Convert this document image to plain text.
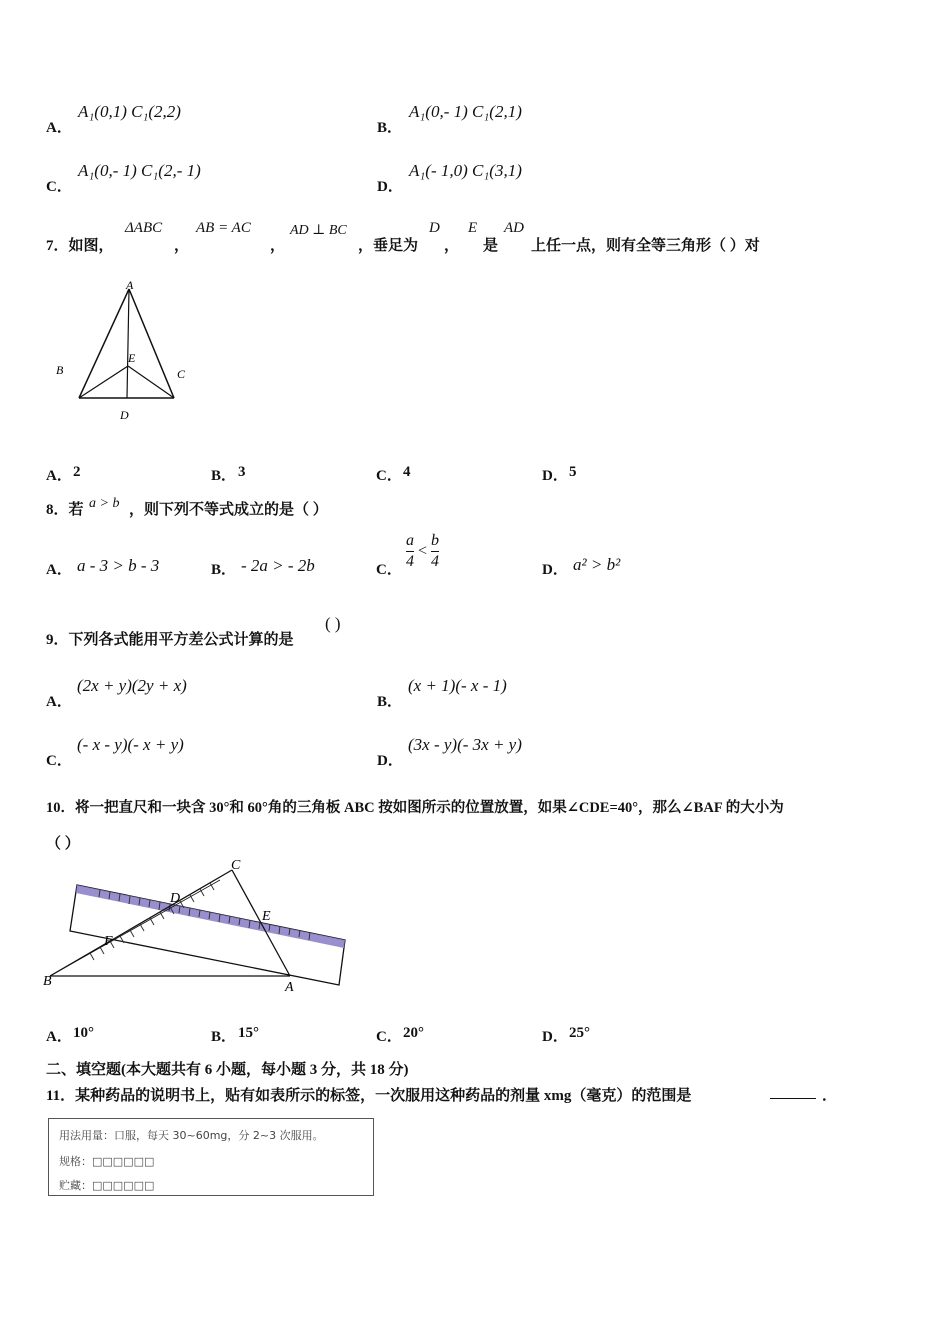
A．
A₁(0,1) C₁(2,2)
B．
A₁(0,- 1) C₁(2,1)
C．
A₁(0,- 1) C₁(2,- 1)
D．
A₁(- 1,0) C₁(3,1)
7．如图，
ΔABC
，
AB = AC
，
AD ⊥ BC
，垂足为
D
，
E
是
AD
上任一点，则有全等三角形（ ）对
A
B	C
D
E
A． 2	B． 3	C． 4	D． 5
8．若 a > b ，则下列不等式成立的是（ ）
A． a - 3 > b - 3	B． - 2a > - 2b	C． $\frac{a}{4} < \frac{b}{4}$	D． a² > b²
9．下列各式能用平方差公式计算的是
( )
A．
(2x + y)(2y + x)
B．
(x + 1)(- x - 1)
C．
(- x - y)(- x + y)
D．
(3x - y)(- 3x + y)
10．将一把直尺和一块含 30°和 60°角的三角板 ABC 按如图所示的位置放置，如果∠CDE=40°，那么∠BAF 的大小为
（ ）
C
D
E
F
B	A
A． 10°	B． 15°	C． 20°	D． 25°
二、填空题(本大题共有 6 小题，每小题 3 分，共 18 分)
11．某种药品的说明书上，贴有如表所示的标签，一次服用这种药品的剂量 xmg（毫克）的范围是	．
用法用量：口服，每天 30~60mg，分 2~3 次服用。
规格：□□□□□□
贮藏：□□□□□□
